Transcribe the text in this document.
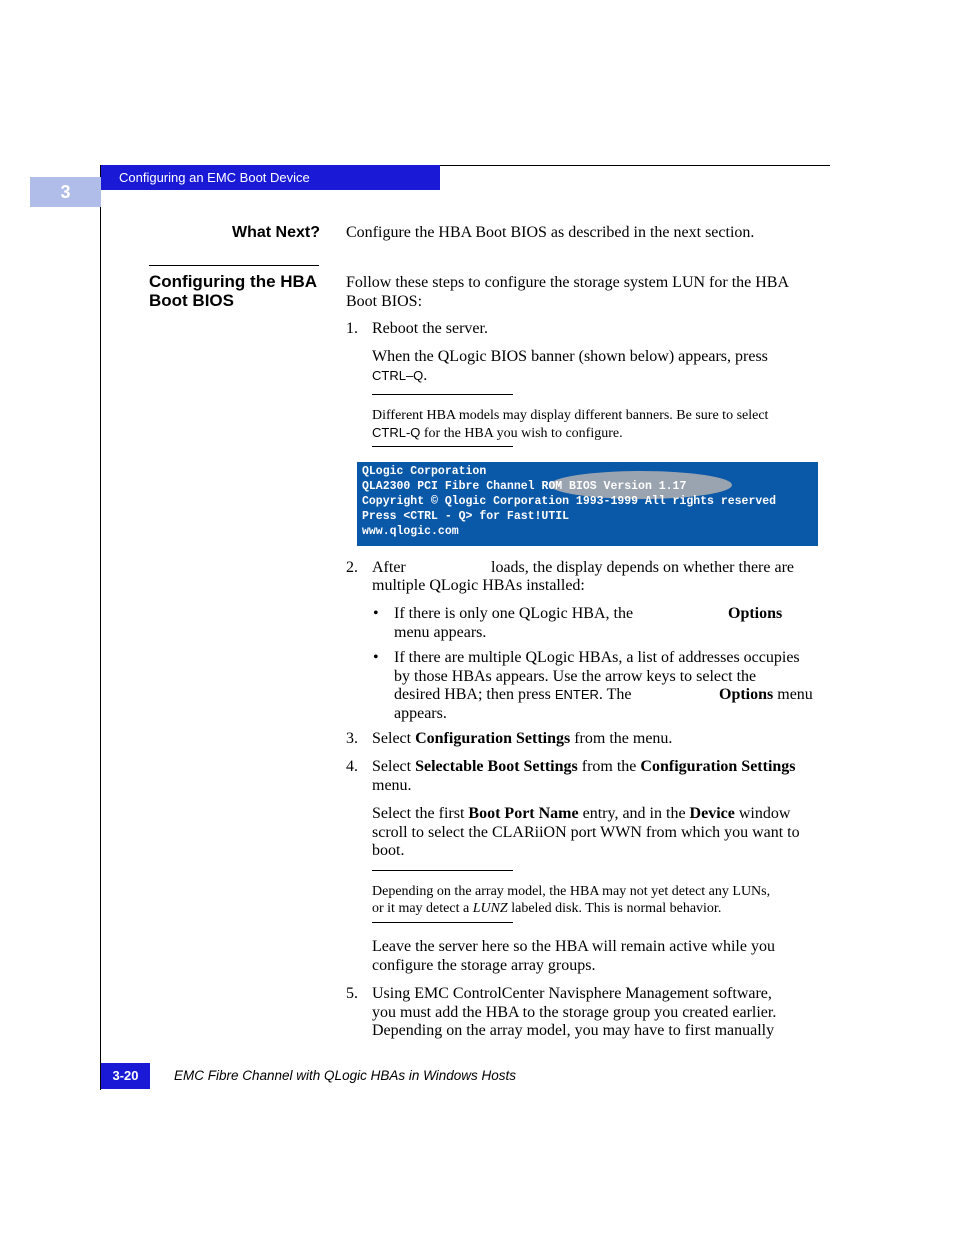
3
Configuring an EMC Boot Device
What Next? Configure the HBA Boot BIOS as described in the next section.
Configuring the HBA
Boot BIOS
Follow these steps to configure the storage system LUN for the HBA
Boot BIOS:
1. Reboot the server.
When the QLogic BIOS banner (shown below) appears, press
CTRL–Q.
Different HBA models may display different banners. Be sure to select
CTRL-Q for the HBA you wish to configure.
QLogic Corporation
QLA2300 PCI Fibre Channel ROM BIOS Version 1.17
Copyright © Qlogic Corporation 1993-1999 All rights reserved
Press <CTRL - Q> for Fast!UTIL
www.qlogic.com
2. After	loads, the display depends on whether there are
multiple QLogic HBAs installed:
• If there is only one QLogic HBA, the	Options
menu appears.
• If there are multiple QLogic HBAs, a list of addresses occupies
by those HBAs appears. Use the arrow keys to select the
desired HBA; then press ENTER. The	Options menu
appears.
3. Select Configuration Settings from the menu.
4. Select Selectable Boot Settings from the Configuration Settings
menu.
Select the first Boot Port Name entry, and in the Device window
scroll to select the CLARiiON port WWN from which you want to
boot.
Depending on the array model, the HBA may not yet detect any LUNs,
or it may detect a LUNZ labeled disk. This is normal behavior.
Leave the server here so the HBA will remain active while you
configure the storage array groups.
5. Using EMC ControlCenter Navisphere Management software,
you must add the HBA to the storage group you created earlier.
Depending on the array model, you may have to first manually
3-20	EMC Fibre Channel with QLogic HBAs in Windows Hosts
